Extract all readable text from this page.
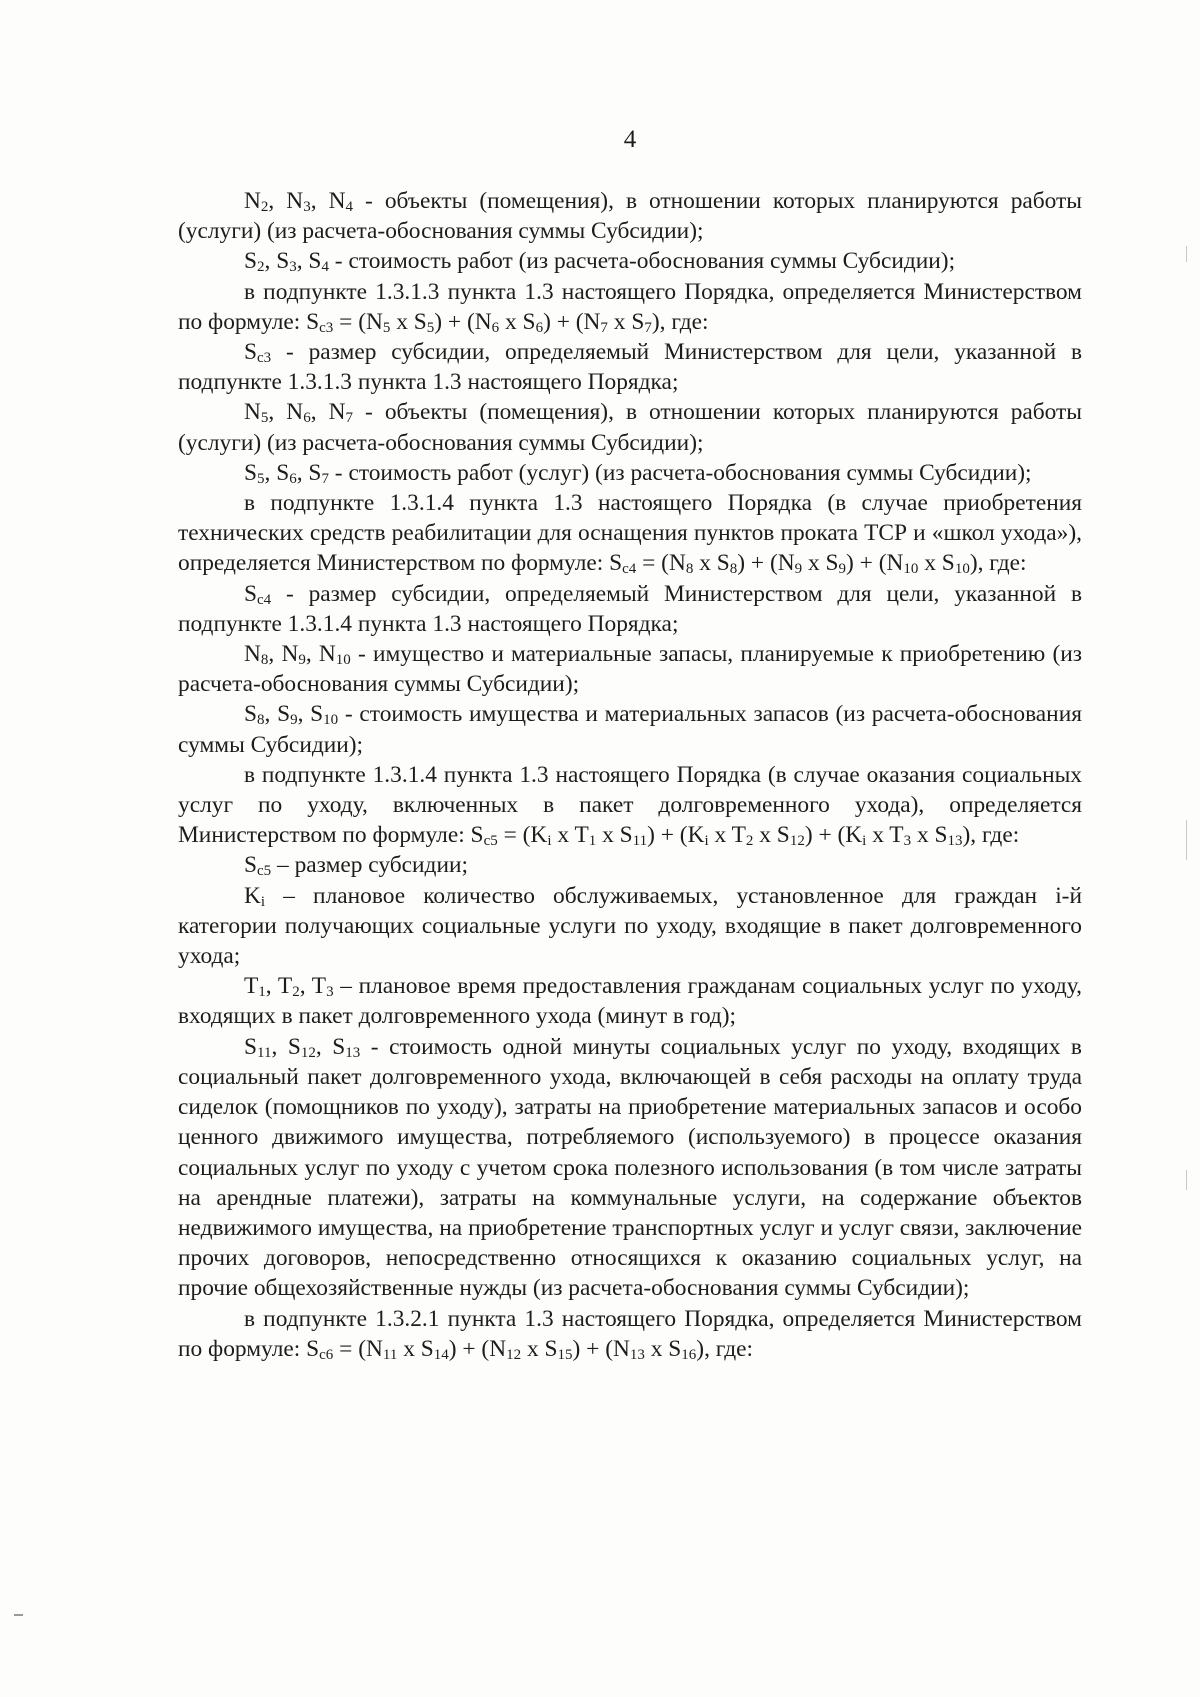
4

$N_2$, $N_3$, $N_4$ - объекты (помещения), в отношении которых планируются работы (услуги) (из расчета-обоснования суммы Субсидии);

$S_2$, $S_3$, $S_4$ - стоимость работ (из расчета-обоснования суммы Субсидии);

в подпункте 1.3.1.3 пункта 1.3 настоящего Порядка, определяется Министерством по формуле: $S_{c3} = (N_5$ x $S_5) + (N_6$ x $S_6) + (N_7$ x $S_7$), где:

$S_{c3}$ - размер субсидии, определяемый Министерством для цели, указанной в подпункте 1.3.1.3 пункта 1.3 настоящего Порядка;

$N_5$, $N_6$, $N_7$ - объекты (помещения), в отношении которых планируются работы (услуги) (из расчета-обоснования суммы Субсидии);

$S_5$, $S_6$, $S_7$ - стоимость работ (услуг) (из расчета-обоснования суммы Субсидии);

в подпункте 1.3.1.4 пункта 1.3 настоящего Порядка (в случае приобретения технических средств реабилитации для оснащения пунктов проката ТСР и «школ ухода»), определяется Министерством по формуле: $S_{c4} = (N_8$ x $S_8) + (N_9$ x $S_9) + (N_{10}$ x $S_{10}$), где:

$S_{c4}$ - размер субсидии, определяемый Министерством для цели, указанной в подпункте 1.3.1.4 пункта 1.3 настоящего Порядка;

$N_8$, $N_9$, $N_{10}$ - имущество и материальные запасы, планируемые к приобретению (из расчета-обоснования суммы Субсидии);

$S_8$, $S_9$, $S_{10}$ - стоимость имущества и материальных запасов (из расчета-обоснования суммы Субсидии);

в подпункте 1.3.1.4 пункта 1.3 настоящего Порядка (в случае оказания социальных услуг по уходу, включенных в пакет долговременного ухода), определяется Министерством по формуле: $S_{c5} = (K_i$ x $T_1$ x $S_{11}) + (K_i$ x $T_2$ x $S_{12}) + (K_i$ x $T_3$ x $S_{13}$), где:

$S_{c5}$ – размер субсидии;

$K_i$ – плановое количество обслуживаемых, установленное для граждан i-й категории получающих социальные услуги по уходу, входящие в пакет долговременного ухода;

$T_1$, $T_2$, $T_3$ – плановое время предоставления гражданам социальных услуг по уходу, входящих в пакет долговременного ухода (минут в год);

$S_{11}$, $S_{12}$, $S_{13}$ - стоимость одной минуты социальных услуг по уходу, входящих в социальный пакет долговременного ухода, включающей в себя расходы на оплату труда сиделок (помощников по уходу), затраты на приобретение материальных запасов и особо ценного движимого имущества, потребляемого (используемого) в процессе оказания социальных услуг по уходу с учетом срока полезного использования (в том числе затраты на арендные платежи), затраты на коммунальные услуги, на содержание объектов недвижимого имущества, на приобретение транспортных услуг и услуг связи, заключение прочих договоров, непосредственно относящихся к оказанию социальных услуг, на прочие общехозяйственные нужды (из расчета-обоснования суммы Субсидии);

в подпункте 1.3.2.1 пункта 1.3 настоящего Порядка, определяется Министерством по формуле: $S_{c6} = (N_{11}$ x $S_{14}) + (N_{12}$ x $S_{15}) + (N_{13}$ x $S_{16}$), где:
